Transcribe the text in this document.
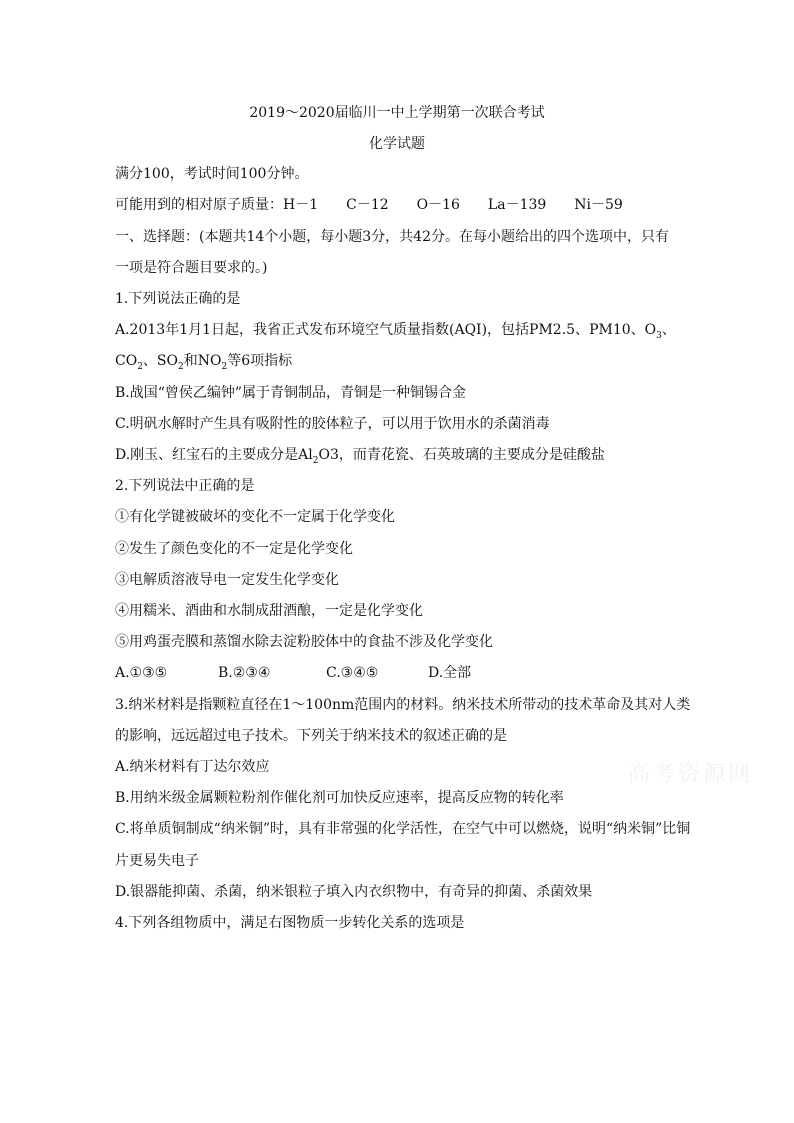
2019～2020届临川一中上学期第一次联合考试
化学试题
满分100，考试时间100分钟。
可能用到的相对原子质量：H－1　　C－12　　O－16　　La－139　　Ni－59
一、选择题：(本题共14个小题，每小题3分，共42分。在每小题给出的四个选项中，只有
一项是符合题目要求的。)
1.下列说法正确的是
A.2013年1月1日起，我省正式发布环境空气质量指数(AQI)，包括PM2.5、PM10、$O_3$、
$CO_2$、$SO_2$和$NO_2$等6项指标
B.战国“曾侯乙编钟”属于青铜制品，青铜是一种铜锡合金
C.明矾水解时产生具有吸附性的胶体粒子，可以用于饮用水的杀菌消毒
D.刚玉、红宝石的主要成分是$Al_2O3$，而青花瓷、石英玻璃的主要成分是硅酸盐
2.下列说法中正确的是
①有化学键被破坏的变化不一定属于化学变化
②发生了颜色变化的不一定是化学变化
③电解质溶液导电一定发生化学变化
④用糯米、酒曲和水制成甜酒酿，一定是化学变化
⑤用鸡蛋壳膜和蒸馏水除去淀粉胶体中的食盐不涉及化学变化
A.①③⑤	B.②③④	C.③④⑤	D.全部
3.纳米材料是指颗粒直径在1～100nm范围内的材料。纳米技术所带动的技术革命及其对人类
的影响，远远超过电子技术。下列关于纳米技术的叙述正确的是
A.纳米材料有丁达尔效应
B.用纳米级金属颗粒粉剂作催化剂可加快反应速率，提高反应物的转化率
C.将单质铜制成“纳米铜”时，具有非常强的化学活性，在空气中可以燃烧，说明“纳米铜”比铜
片更易失电子
D.银器能抑菌、杀菌，纳米银粒子填入内衣织物中，有奇异的抑菌、杀菌效果
4.下列各组物质中，满足右图物质一步转化关系的选项是
高考资源网
